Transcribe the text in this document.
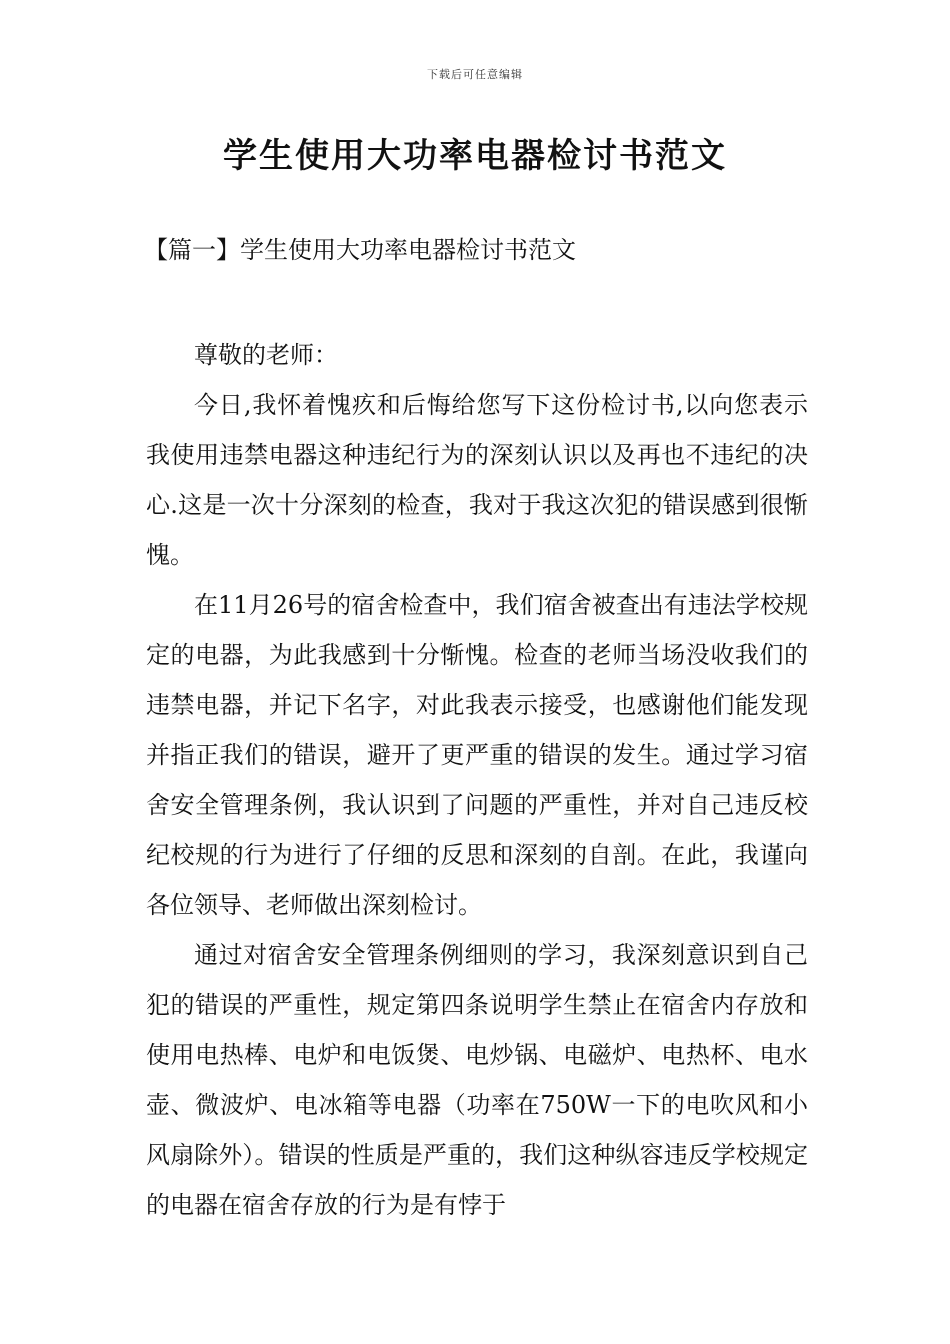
下载后可任意编辑
学生使用大功率电器检讨书范文
【篇一】学生使用大功率电器检讨书范文

尊敬的老师：

今日,我怀着愧疚和后悔给您写下这份检讨书,以向您表示我使用违禁电器这种违纪行为的深刻认识以及再也不违纪的决心.这是一次十分深刻的检查，我对于我这次犯的错误感到很惭愧。

在11月26号的宿舍检查中，我们宿舍被查出有违法学校规定的电器，为此我感到十分惭愧。检查的老师当场没收我们的违禁电器，并记下名字，对此我表示接受，也感谢他们能发现并指正我们的错误，避开了更严重的错误的发生。通过学习宿舍安全管理条例，我认识到了问题的严重性，并对自己违反校纪校规的行为进行了仔细的反思和深刻的自剖。在此，我谨向各位领导、老师做出深刻检讨。

通过对宿舍安全管理条例细则的学习，我深刻意识到自己犯的错误的严重性，规定第四条说明学生禁止在宿舍内存放和使用电热棒、电炉和电饭煲、电炒锅、电磁炉、电热杯、电水壶、微波炉、电冰箱等电器（功率在750W一下的电吹风和小风扇除外）。错误的性质是严重的，我们这种纵容违反学校规定的电器在宿舍存放的行为是有悖于
